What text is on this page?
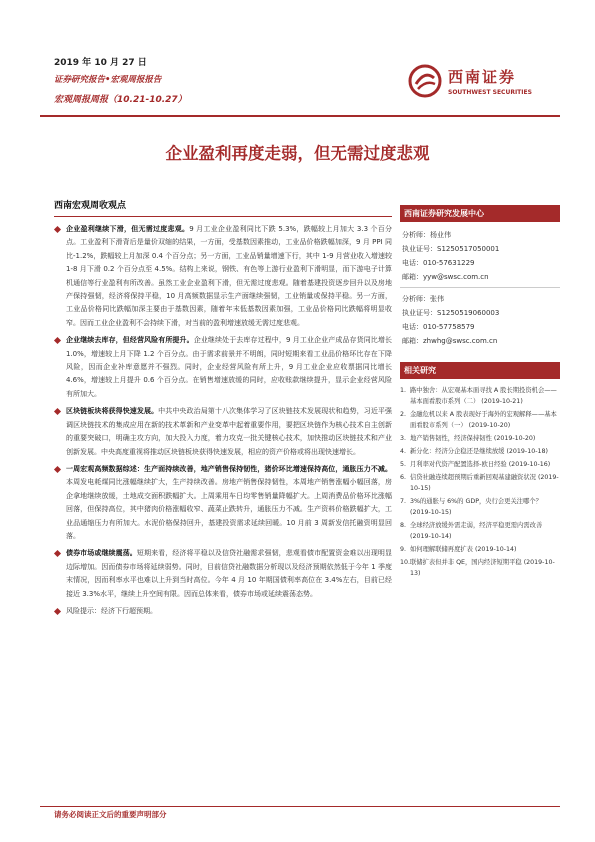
2019 年 10 月 27 日
证券研究报告•宏观周报报告
宏观周报周报（10.21-10.27）
西南证券
SOUTHWEST SECURITIES
企业盈利再度走弱，但无需过度悲观
西南宏观周收观点
企业盈利继续下滑，但无需过度悲观。9 月工业企业盈利同比下跌 5.3%，跌幅较上月加大 3.3 个百分点。工业盈利下滑背后是量价双缩的结果，一方面，受基数因素推动，工业品价格跌幅加深，9 月 PPI 同比-1.2%，跌幅较上月加深 0.4 个百分点；另一方面，工业品销量增速下行，其中 1-9 月营业收入增速较 1-8 月下滑 0.2 个百分点至 4.5%。结构上来说，钢铁、有色等上游行业盈利下滑明显，而下游电子计算机通信等行业盈利有所改善。虽然工业企业盈利下滑，但无需过度悲观。随着基建投资逐步回升以及房地产保持强韧，经济将保持平稳，10 月高频数据显示生产面继续强韧，工业销量或保持平稳。另一方面，工业品价格同比跌幅加深主要由于基数因素，随着年末低基数因素加强，工业品价格同比跌幅将明显收窄。因而工业企业盈利不会持续下滑，对当前的盈利增速放缓无需过度悲观。
企业继续去库存，但经营风险有所提升。企业继续处于去库存过程中，9 月工业企业产成品存货同比增长 1.0%，增速较上月下降 1.2 个百分点。由于需求前景并不明朗，同时短期来看工业品价格环比存在下降风险，因而企业补库意愿并不强烈。同时，企业经营风险有所上升，9 月工业企业应收票据同比增长 4.6%，增速较上月提升 0.6 个百分点。在销售增速放缓的同时，应收账款继续提升，显示企业经营风险有所加大。
区块链板块将获得快速发展。中共中央政治局第十八次集体学习了区块链技术发展现状和趋势，习近平强调区块链技术的集成应用在新的技术革新和产业变革中起着重要作用，要把区块链作为核心技术自主创新的重要突破口，明确主攻方向，加大投入力度，着力攻克一批关键核心技术，加快推动区块链技术和产业创新发展。中央高度重视将推动区块链板块获得快速发展，相应的资产价格或将出现快速增长。
一周宏观高频数据综述：生产面持续改善，地产销售保持韧性，猪价环比增速保持高位，通胀压力不减。本周发电耗煤同比涨幅继续扩大，生产持续改善。房地产销售保持韧性，本周地产销售涨幅小幅回落，房企拿地继续放缓，土地成交面积跌幅扩大。上周乘用车日均零售销量降幅扩大。上周消费品价格环比涨幅回落，但保持高位，其中猪肉价格涨幅收窄、蔬菜止跌转升，通胀压力不减。生产资料价格跌幅扩大，工业品通缩压力有所加大。水泥价格保持回升，基建投资需求延续回暖。10 月前 3 周新发信托融资明显回落。
债券市场或继续震荡。短期来看，经济将平稳以及信贷社融需求强韧，悲观看债市配置资金难以出现明显边际增加。因而债券市场将延续弱势。同时，目前信贷社融数据分析现以及经济预期依然低于今年 1 季度末情况，因而利率水平也难以上升到当时高位。今年 4 月 10 年期国债利率高位在 3.4%左右，目前已经接近 3.3%水平，继续上升空间有限。因而总体来看，债券市场或延续震荡态势。
风险提示：经济下行超预期。
西南证券研究发展中心
分析师：杨业伟
执业证号：S1250517050001
电话：010-57631229
邮箱：yyw@swsc.com.cn
分析师：张伟
执业证号：S1250519060003
电话：010-57758579
邮箱：zhwhg@swsc.com.cn
相关研究
1. 路中独舍：从宏观基本面寻找 A 股长期投资机会——基本面看股市系列（二） (2019-10-21)
2. 金融危机以来 A 股表现好于海外的宏观解释——基本面看股市系列（一） (2019-10-20)
3. 地产销售韧性，经济保持韧性 (2019-10-20)
4. 新分化：经济分企稳还是继续放缓 (2019-10-18)
5. 月利率对代资产配置选择-欧日经验 (2019-10-16)
6. 信贷社融连续超预期后重新回观基建融资状况 (2019-10-15)
7. 3%的通胀与 6%的 GDP，央行会更关注哪个？ (2019-10-15)
8. 全球经济放缓外需走弱，经济平稳更需内需改善 (2019-10-14)
9. 如何理解联储再度扩表 (2019-10-14)
10. 联储扩表但并非 QE，国内经济短期平稳 (2019-10-13)
请务必阅读正文后的重要声明部分
